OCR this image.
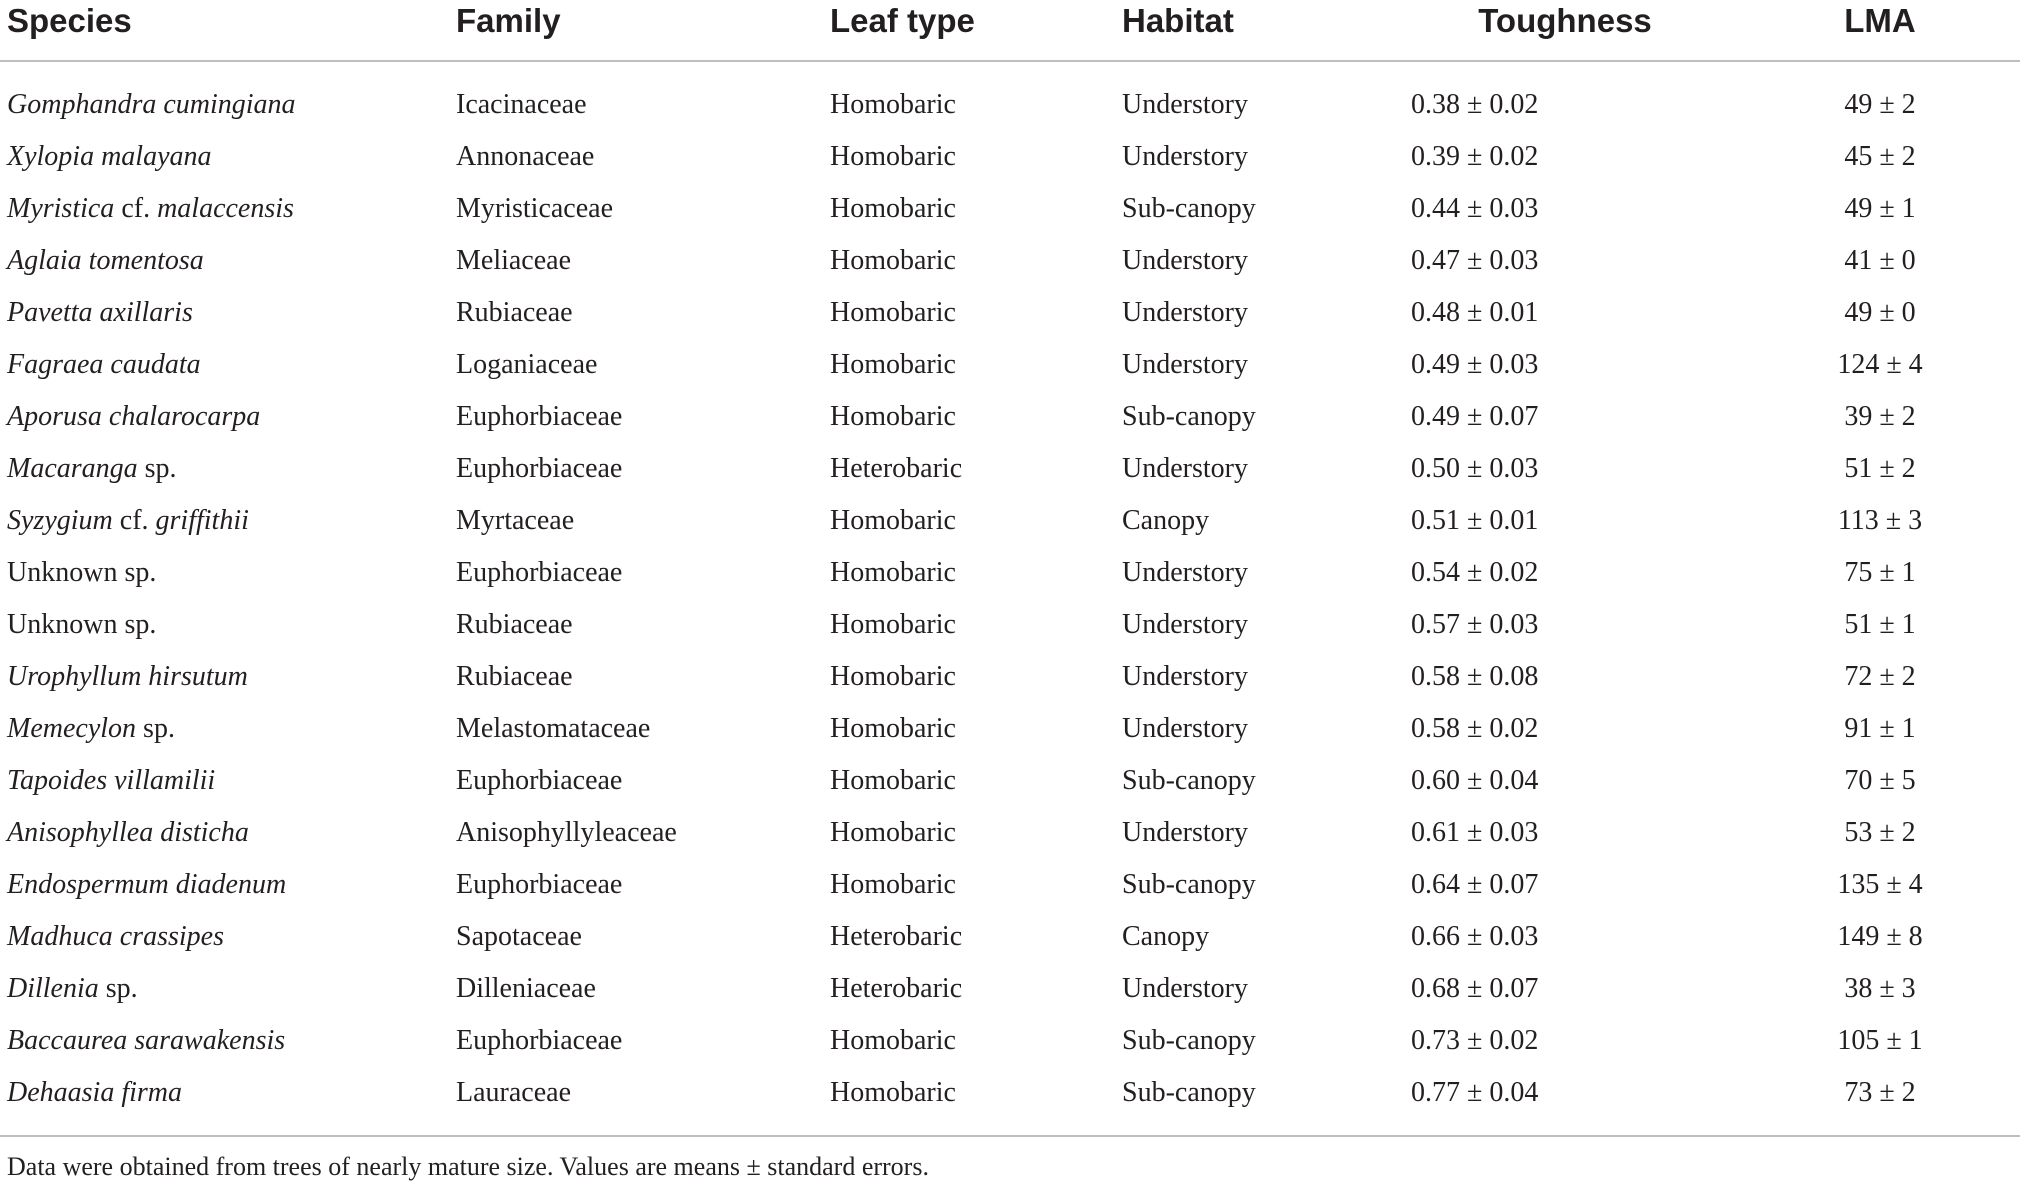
Species	Family	Leaf type	Habitat	Toughness	LMA
Gomphandra cumingiana	Icacinaceae	Homobaric	Understory	0.38 ± 0.02	49 ± 2
Xylopia malayana	Annonaceae	Homobaric	Understory	0.39 ± 0.02	45 ± 2
Myristica cf. malaccensis	Myristicaceae	Homobaric	Sub-canopy	0.44 ± 0.03	49 ± 1
Aglaia tomentosa	Meliaceae	Homobaric	Understory	0.47 ± 0.03	41 ± 0
Pavetta axillaris	Rubiaceae	Homobaric	Understory	0.48 ± 0.01	49 ± 0
Fagraea caudata	Loganiaceae	Homobaric	Understory	0.49 ± 0.03	124 ± 4
Aporusa chalarocarpa	Euphorbiaceae	Homobaric	Sub-canopy	0.49 ± 0.07	39 ± 2
Macaranga sp.	Euphorbiaceae	Heterobaric	Understory	0.50 ± 0.03	51 ± 2
Syzygium cf. griffithii	Myrtaceae	Homobaric	Canopy	0.51 ± 0.01	113 ± 3
Unknown sp.	Euphorbiaceae	Homobaric	Understory	0.54 ± 0.02	75 ± 1
Unknown sp.	Rubiaceae	Homobaric	Understory	0.57 ± 0.03	51 ± 1
Urophyllum hirsutum	Rubiaceae	Homobaric	Understory	0.58 ± 0.08	72 ± 2
Memecylon sp.	Melastomataceae	Homobaric	Understory	0.58 ± 0.02	91 ± 1
Tapoides villamilii	Euphorbiaceae	Homobaric	Sub-canopy	0.60 ± 0.04	70 ± 5
Anisophyllea disticha	Anisophyllyleaceae	Homobaric	Understory	0.61 ± 0.03	53 ± 2
Endospermum diadenum	Euphorbiaceae	Homobaric	Sub-canopy	0.64 ± 0.07	135 ± 4
Madhuca crassipes	Sapotaceae	Heterobaric	Canopy	0.66 ± 0.03	149 ± 8
Dillenia sp.	Dilleniaceae	Heterobaric	Understory	0.68 ± 0.07	38 ± 3
Baccaurea sarawakensis	Euphorbiaceae	Homobaric	Sub-canopy	0.73 ± 0.02	105 ± 1
Dehaasia firma	Lauraceae	Homobaric	Sub-canopy	0.77 ± 0.04	73 ± 2
Data were obtained from trees of nearly mature size. Values are means ± standard errors.
